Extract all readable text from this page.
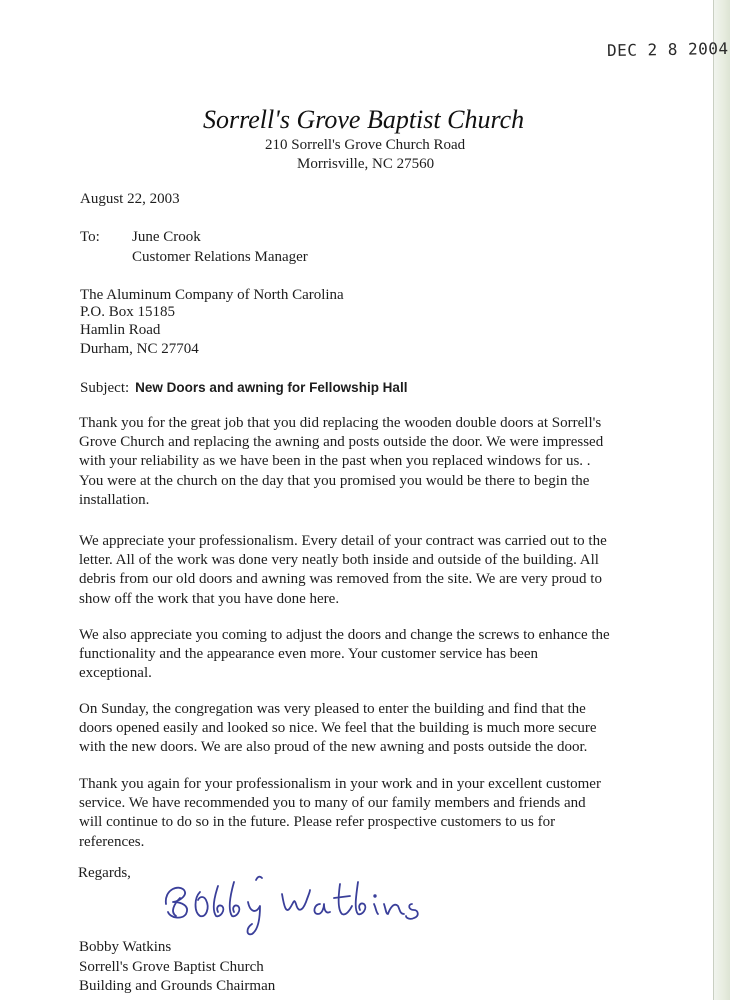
DEC 2 8 2004
Sorrell's Grove Baptist Church
210 Sorrell's Grove Church Road
Morrisville, NC 27560
August 22, 2003
To: June Crook
Customer Relations Manager
The Aluminum Company of North Carolina
P.O. Box 15185
Hamlin Road
Durham, NC 27704
Subject: New Doors and awning for Fellowship Hall
Thank you for the great job that you did replacing the wooden double doors at Sorrell's
Grove Church and replacing the awning and posts outside the door. We were impressed
with your reliability as we have been in the past when you replaced windows for us. .
You were at the church on the day that you promised you would be there to begin the
installation.
We appreciate your professionalism. Every detail of your contract was carried out to the
letter. All of the work was done very neatly both inside and outside of the building. All
debris from our old doors and awning was removed from the site. We are very proud to
show off the work that you have done here.
We also appreciate you coming to adjust the doors and change the screws to enhance the
functionality and the appearance even more. Your customer service has been
exceptional.
On Sunday, the congregation was very pleased to enter the building and find that the
doors opened easily and looked so nice. We feel that the building is much more secure
with the new doors. We are also proud of the new awning and posts outside the door.
Thank you again for your professionalism in your work and in your excellent customer
service. We have recommended you to many of our family members and friends and
will continue to do so in the future. Please refer prospective customers to us for
references.
Regards,
Bobby Watkins
Sorrell's Grove Baptist Church
Building and Grounds Chairman
